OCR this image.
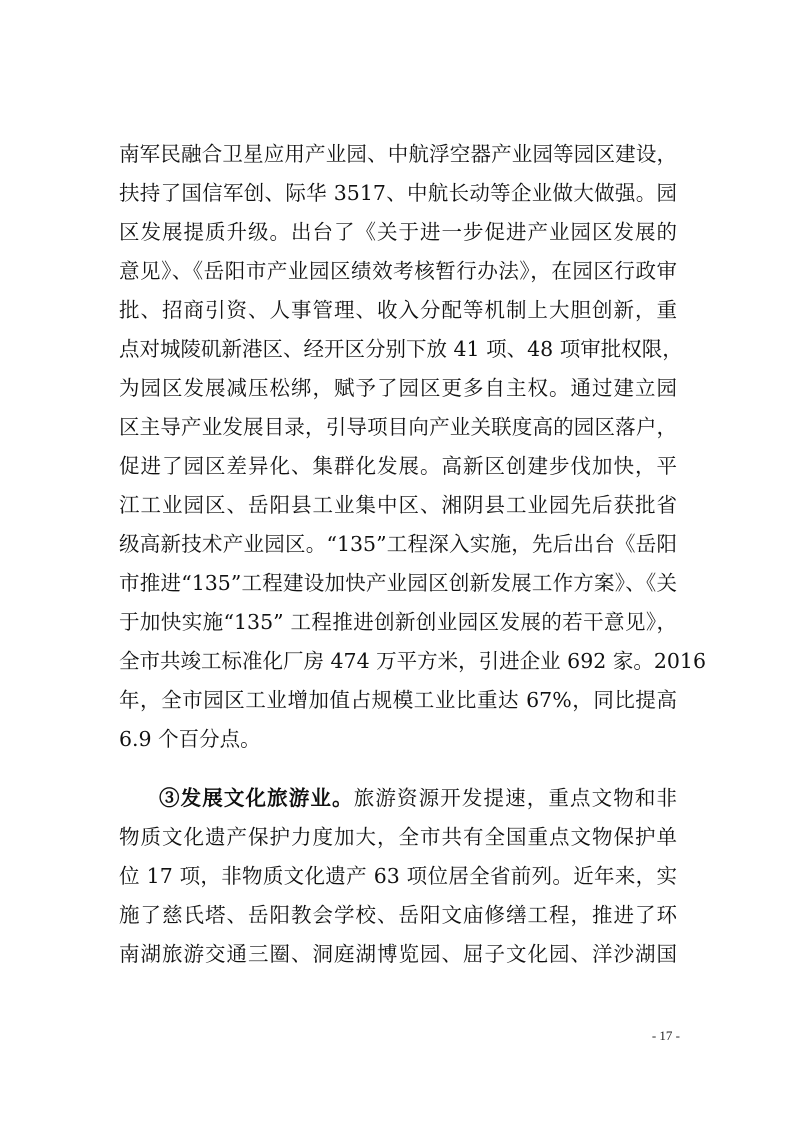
南军民融合卫星应用产业园、中航浮空器产业园等园区建设，
扶持了国信军创、际华 3517、中航长动等企业做大做强。园
区发展提质升级。出台了《关于进一步促进产业园区发展的
意见》、《岳阳市产业园区绩效考核暂行办法》，在园区行政审
批、招商引资、人事管理、收入分配等机制上大胆创新，重
点对城陵矶新港区、经开区分别下放 41 项、48 项审批权限，
为园区发展减压松绑，赋予了园区更多自主权。通过建立园
区主导产业发展目录，引导项目向产业关联度高的园区落户，
促进了园区差异化、集群化发展。高新区创建步伐加快，平
江工业园区、岳阳县工业集中区、湘阴县工业园先后获批省
级高新技术产业园区。“135”工程深入实施，先后出台《岳阳
市推进“135”工程建设加快产业园区创新发展工作方案》、《关
于加快实施“135” 工程推进创新创业园区发展的若干意见》，
全市共竣工标准化厂房 474 万平方米，引进企业 692 家。2016
年，全市园区工业增加值占规模工业比重达 67%，同比提高
6.9 个百分点。
③发展文化旅游业。旅游资源开发提速，重点文物和非
物质文化遗产保护力度加大，全市共有全国重点文物保护单
位 17 项，非物质文化遗产 63 项位居全省前列。近年来，实
施了慈氏塔、岳阳教会学校、岳阳文庙修缮工程，推进了环
南湖旅游交通三圈、洞庭湖博览园、屈子文化园、洋沙湖国
- 17 -
